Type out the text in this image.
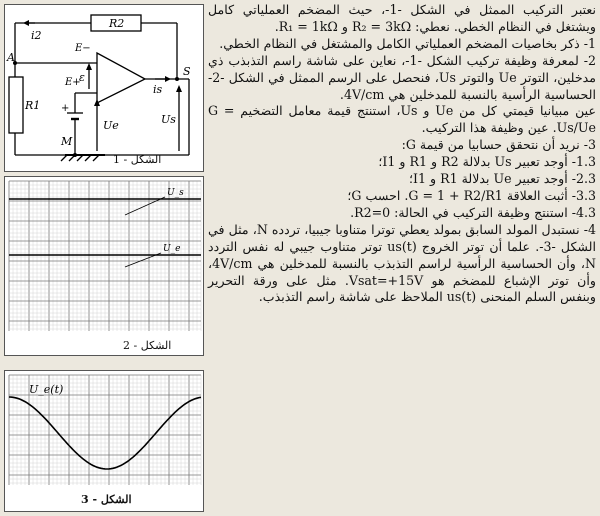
R2
R1
i2
A
S
E−
E+
ε
is
Ue	Us
M
+
الشكل - 1
U_s
U_e
الشكل - 2
U_e(t)
الشكل - 3

نعتبر التركيب الممثل في الشكل -1-، حيث المضخم العملياتي كامل ويشتغل في النظام الخطي. نعطي: R₂ = 3kΩ و R₁ = 1kΩ.

1- ذكر بخاصيات المضخم العملياتي الكامل والمشتغل في النظام الخطي.

2- لمعرفة وظيفة تركيب الشكل -1-، نعاين على شاشة راسم التذبذب ذي مدخلين، التوتر Ue والتوتر Us، فنحصل على الرسم الممثل في الشكل -2- الحساسية الرأسية بالنسبة للمدخلين هي 4V/cm.

عين مبيانيا قيمتي كل من Ue و Us، استنتج قيمة معامل التضخيم G = Us/Ue. عين وظيفة هذا التركيب.

3- نريد أن نتحقق حسابيا من قيمة G:

1.3- أوجد تعبير Us بدلالة R2 و R1 و I1؛

2.3- أوجد تعبير Ue بدلالة R1 و I1؛

3.3- أثبت العلاقة G = 1 + R2/R1. احسب G؛

4.3- استنتج وظيفة التركيب في الحالة: R2=0.

4- نستبدل المولد السابق بمولد يعطي توترا متناوبا جيبيا، تردده N، مثل في الشكل -3-. علما أن توتر الخروج us(t) توتر متناوب جيبي له نفس التردد N، وأن الحساسية الرأسية لراسم التذبذب بالنسبة للمدخلين هي 4V/cm، وأن توتر الإشباع للمضخم هو Vsat=+15V. مثل على ورقة التحرير وبنفس السلم المنحنى us(t) الملاحظ على شاشة راسم التذبذب.
